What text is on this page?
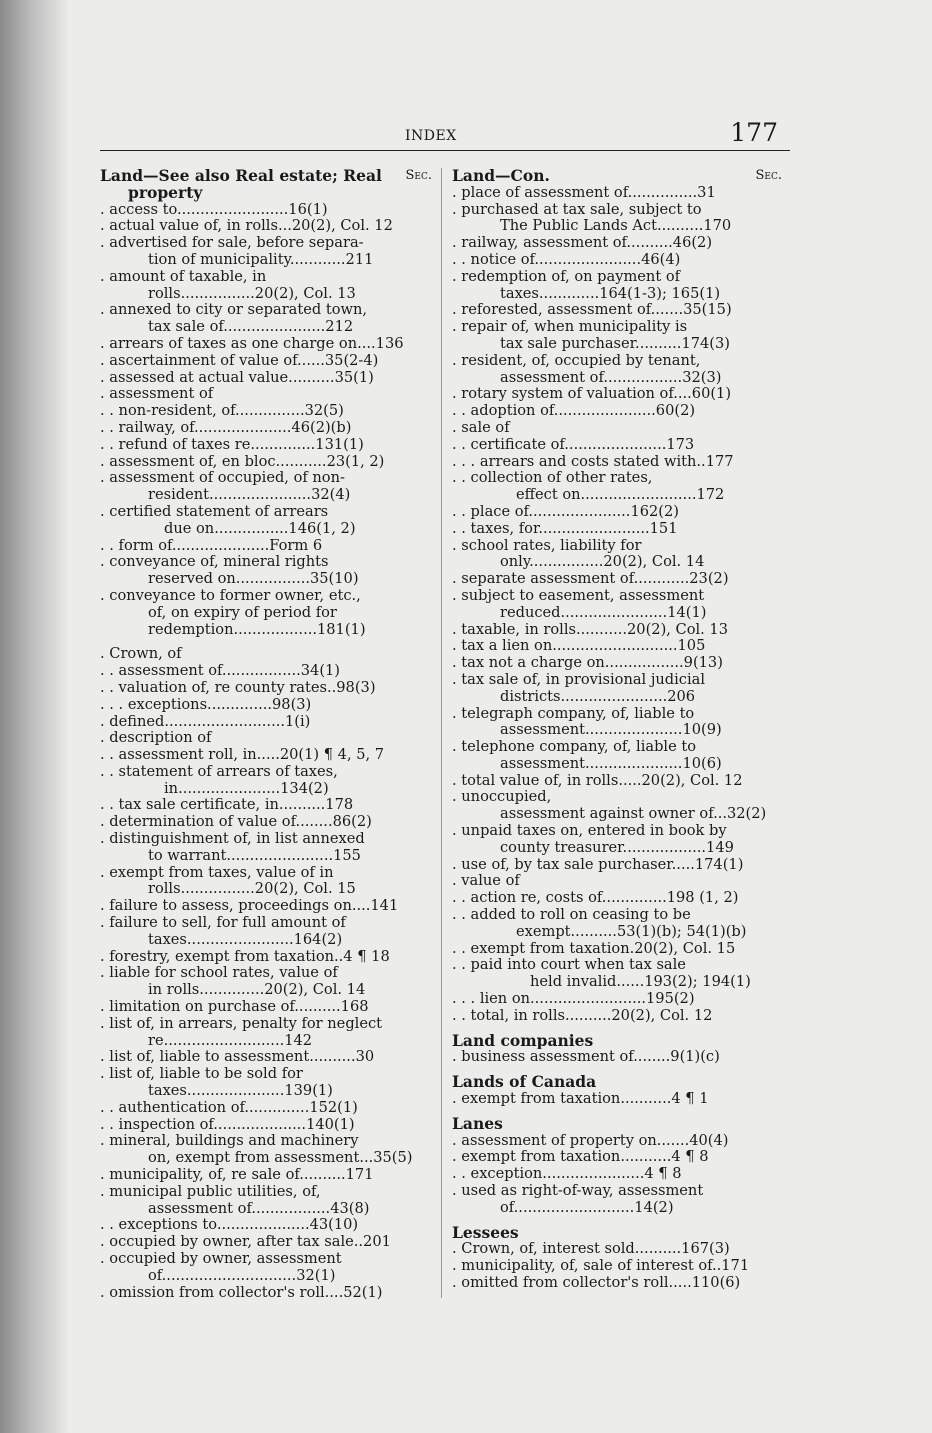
INDEX	177
Land—See also Real estate; Real Sec.
property
. access to........................16(1)
. actual value of, in rolls...20(2), Col. 12
. advertised for sale, before separa-
tion of municipality............211
. amount of taxable, in
rolls................20(2), Col. 13
. annexed to city or separated town,
tax sale of......................212
. arrears of taxes as one charge on....136
. ascertainment of value of......35(2-4)
. assessed at actual value..........35(1)
. assessment of
. . non-resident, of...............32(5)
. . railway, of.....................46(2)(b)
. . refund of taxes re..............131(1)
. assessment of, en bloc...........23(1, 2)
. assessment of occupied, of non-
resident......................32(4)
. certified statement of arrears
due on................146(1, 2)
. . form of.....................Form 6
. conveyance of, mineral rights
reserved on................35(10)
. conveyance to former owner, etc.,
of, on expiry of period for
redemption..................181(1)
. Crown, of
. . assessment of.................34(1)
. . valuation of, re county rates..98(3)
. . . exceptions..............98(3)
. defined..........................1(i)
. description of
. . assessment roll, in.....20(1) ¶ 4, 5, 7
. . statement of arrears of taxes,
in......................134(2)
. . tax sale certificate, in..........178
. determination of value of........86(2)
. distinguishment of, in list annexed
to warrant.......................155
. exempt from taxes, value of in
rolls................20(2), Col. 15
. failure to assess, proceedings on....141
. failure to sell, for full amount of
taxes.......................164(2)
. forestry, exempt from taxation..4 ¶ 18
. liable for school rates, value of
in rolls..............20(2), Col. 14
. limitation on purchase of..........168
. list of, in arrears, penalty for neglect
re..........................142
. list of, liable to assessment..........30
. list of, liable to be sold for
taxes.....................139(1)
. . authentication of..............152(1)
. . inspection of....................140(1)
. mineral, buildings and machinery
on, exempt from assessment...35(5)
. municipality, of, re sale of..........171
. municipal public utilities, of,
assessment of.................43(8)
. . exceptions to....................43(10)
. occupied by owner, after tax sale..201
. occupied by owner, assessment
of.............................32(1)
. omission from collector's roll....52(1)
Land—Con.	Sec.
. place of assessment of...............31
. purchased at tax sale, subject to
The Public Lands Act..........170
. railway, assessment of..........46(2)
. . notice of.......................46(4)
. redemption of, on payment of
taxes.............164(1-3); 165(1)
. reforested, assessment of.......35(15)
. repair of, when municipality is
tax sale purchaser..........174(3)
. resident, of, occupied by tenant,
assessment of.................32(3)
. rotary system of valuation of....60(1)
. . adoption of......................60(2)
. sale of
. . certificate of......................173
. . . arrears and costs stated with..177
. . collection of other rates,
effect on.........................172
. . place of......................162(2)
. . taxes, for........................151
. school rates, liability for
only................20(2), Col. 14
. separate assessment of............23(2)
. subject to easement, assessment
reduced.......................14(1)
. taxable, in rolls...........20(2), Col. 13
. tax a lien on...........................105
. tax not a charge on.................9(13)
. tax sale of, in provisional judicial
districts.......................206
. telegraph company, of, liable to
assessment.....................10(9)
. telephone company, of, liable to
assessment.....................10(6)
. total value of, in rolls.....20(2), Col. 12
. unoccupied,
assessment against owner of...32(2)
. unpaid taxes on, entered in book by
county treasurer..................149
. use of, by tax sale purchaser.....174(1)
. value of
. . action re, costs of..............198 (1, 2)
. . added to roll on ceasing to be
exempt..........53(1)(b); 54(1)(b)
. . exempt from taxation.20(2), Col. 15
. . paid into court when tax sale
held invalid......193(2); 194(1)
. . . lien on.........................195(2)
. . total, in rolls..........20(2), Col. 12
Land companies
. business assessment of........9(1)(c)
Lands of Canada
. exempt from taxation...........4 ¶ 1
Lanes
. assessment of property on.......40(4)
. exempt from taxation...........4 ¶ 8
. . exception......................4 ¶ 8
. used as right-of-way, assessment
of..........................14(2)
Lessees
. Crown, of, interest sold..........167(3)
. municipality, of, sale of interest of..171
. omitted from collector's roll.....110(6)
